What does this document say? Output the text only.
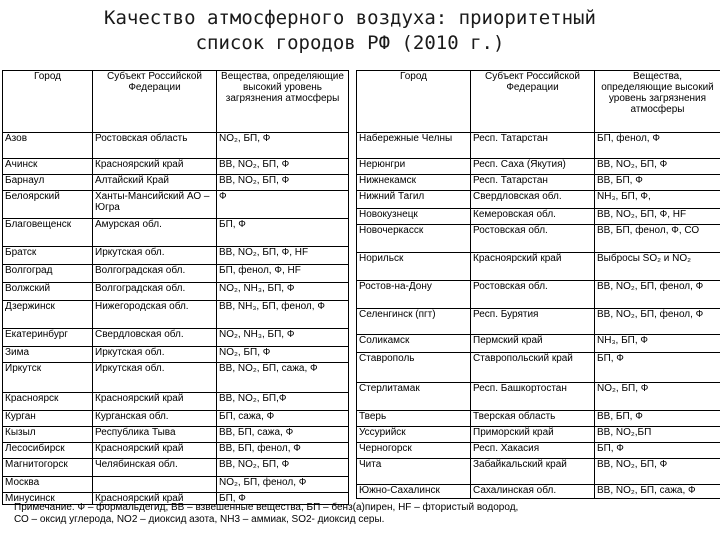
Качество атмосферного воздуха: приоритетный
список городов РФ (2010 г.)
Город	Субъект Российской Федерации	Вещества, определяющие высокий уровень загрязнения атмосферы
Азов	Ростовская область	NO₂, БП, Ф
Ачинск	Красноярский край	ВВ, NO₂, БП, Ф
Барнаул	Алтайский Край	ВВ, NO₂, БП, Ф
Белоярский	Ханты-Мансийский АО – Югра	Ф
Благовещенск	Амурская обл.	БП, Ф
Братск	Иркутская обл.	ВВ, NO₂, БП, Ф, НF
Волгоград	Волгоградская обл.	БП, фенол, Ф, НF
Волжский	Волгоградская обл.	NO₂, NH₃, БП, Ф
Дзержинск	Нижегородская обл.	ВВ, NH₃, БП, фенол, Ф
Екатеринбург	Свердловская обл.	NO₂, NH₃, БП, Ф
Зима	Иркутская обл.	NO₂, БП, Ф
Иркутск	Иркутская обл.	ВВ, NO₂, БП, сажа, Ф
Красноярск	Красноярский край	ВВ, NO₂, БП,Ф
Курган	Курганская обл.	БП, сажа, Ф
Кызыл	Республика Тыва	ВВ, БП, сажа, Ф
Лесосибирск	Красноярский край	ВВ, БП, фенол, Ф
Магнитогорск	Челябинская обл.	ВВ, NO₂, БП, Ф
Москва		NO₂, БП, фенол, Ф
Минусинск	Красноярский край	БП, Ф
Город	Субъект Российской Федерации	Вещества, определяющие высокий уровень загрязнения атмосферы
Набережные Челны	Респ. Татарстан	БП, фенол, Ф
Нерюнгри	Респ. Саха (Якутия)	ВВ, NO₂, БП, Ф
Нижнекамск	Респ. Татарстан	ВВ, БП, Ф
Нижний Тагил	Свердловская обл.	NH₃, БП, Ф,
Новокузнецк	Кемеровская обл.	ВВ, NO₂, БП, Ф, НF
Новочеркасск	Ростовская обл.	ВВ, БП, фенол, Ф, СО
Норильск	Красноярский край	Выбросы SO₂ и NO₂
Ростов-на-Дону	Ростовская обл.	ВВ, NO₂, БП, фенол, Ф
Селенгинск (пгт)	Респ. Бурятия	ВВ, NO₂, БП, фенол, Ф
Соликамск	Пермский край	NH₃, БП, Ф
Ставрополь	Ставропольский край	БП, Ф
Стерлитамак	Респ. Башкортостан	NO₂, БП, Ф
Тверь	Тверская область	ВВ, БП, Ф
Уссурийск	Приморский край	ВВ, NO₂,БП
Черногорск	Респ. Хакасия	БП, Ф
Чита	Забайкальский край	ВВ, NO₂, БП, Ф
Южно-Сахалинск	Сахалинская обл.	ВВ, NO₂, БП, сажа, Ф
Примечание. Ф – формальдегид, ВВ – взвешенные вещества, БП – бенз(а)пирен, НF – фтористый водород,
СО – оксид углерода, NO2 – диоксид азота, NH3 – аммиак, SO2- диоксид серы.
